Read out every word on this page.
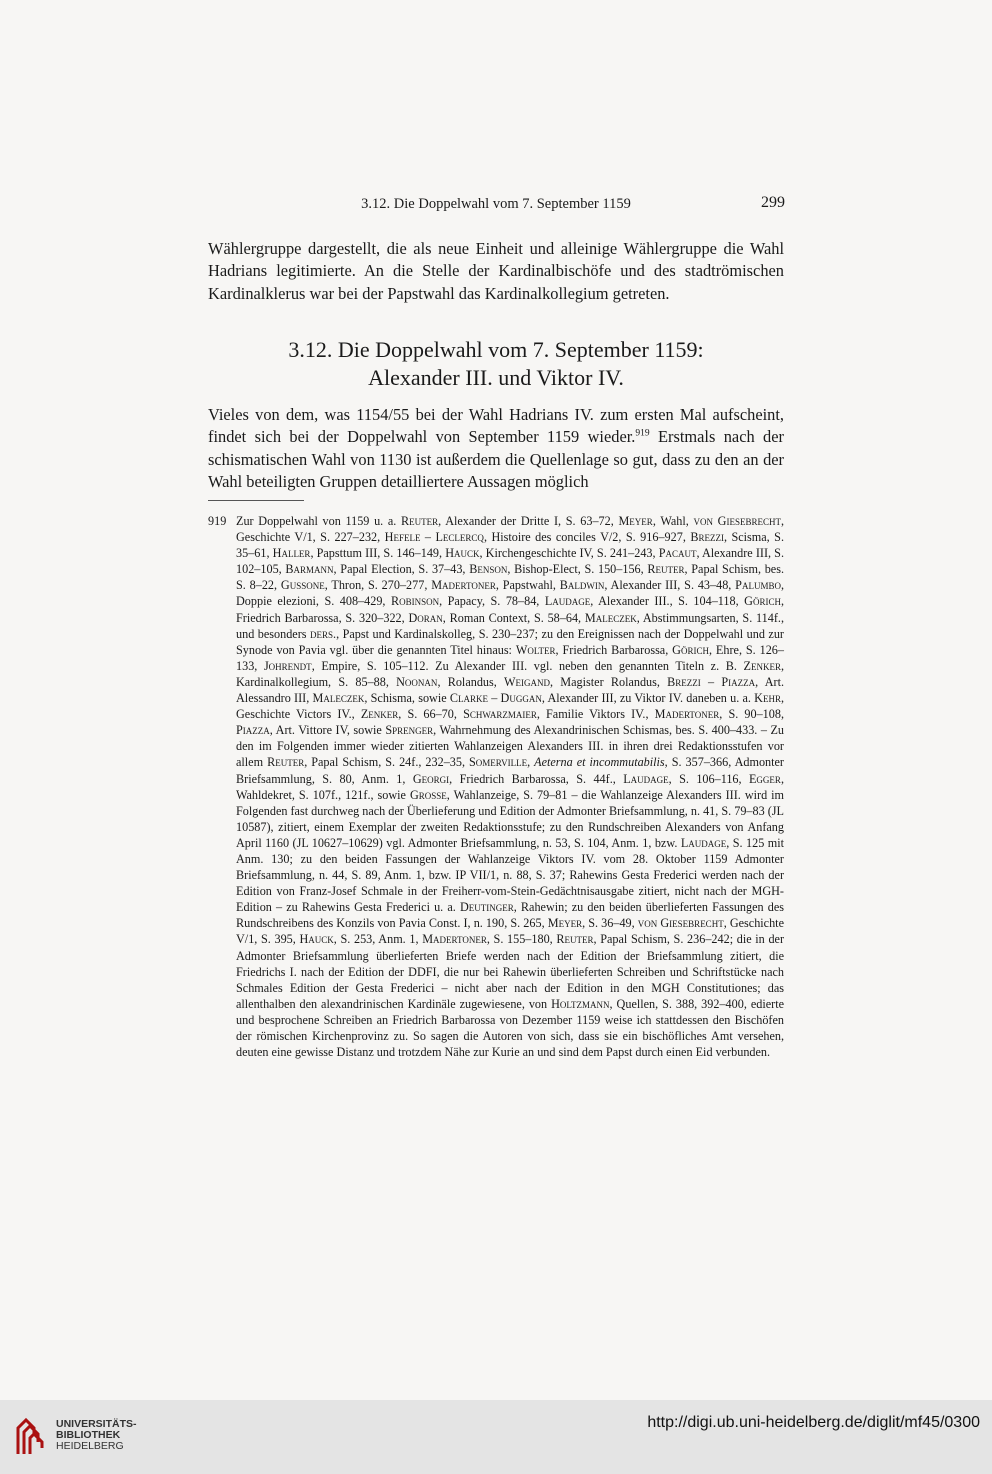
3.12. Die Doppelwahl vom 7. September 1159	299
Wählergruppe dargestellt, die als neue Einheit und alleinige Wählergruppe die Wahl Hadrians legitimierte. An die Stelle der Kardinalbischöfe und des stadtrömischen Kardinalklerus war bei der Papstwahl das Kardinalkollegium getreten.
3.12. Die Doppelwahl vom 7. September 1159:
Alexander III. und Viktor IV.
Vieles von dem, was 1154/55 bei der Wahl Hadrians IV. zum ersten Mal aufscheint, findet sich bei der Doppelwahl von September 1159 wieder.$^{919}$ Erstmals nach der schismatischen Wahl von 1130 ist außerdem die Quellenlage so gut, dass zu den an der Wahl beteiligten Gruppen detailliertere Aussagen möglich
919 Zur Doppelwahl von 1159 u. a. Reuter, Alexander der Dritte I, S. 63–72, Meyer, Wahl, von Giesebrecht, Geschichte V/1, S. 227–232, Hefele – Leclercq, Histoire des conciles V/2, S. 916–927, Brezzi, Scisma, S. 35–61, Haller, Papsttum III, S. 146–149, Hauck, Kirchengeschichte IV, S. 241–243, Pacaut, Alexandre III, S. 102–105, Barmann, Papal Election, S. 37–43, Benson, Bishop-Elect, S. 150–156, Reuter, Papal Schism, bes. S. 8–22, Gussone, Thron, S. 270–277, Madertoner, Papstwahl, Baldwin, Alexander III, S. 43–48, Palumbo, Doppie elezioni, S. 408–429, Robinson, Papacy, S. 78–84, Laudage, Alexander III., S. 104–118, Görich, Friedrich Barbarossa, S. 320–322, Doran, Roman Context, S. 58–64, Maleczek, Abstimmungsarten, S. 114f., und besonders ders., Papst und Kardinalskolleg, S. 230–237; zu den Ereignissen nach der Doppelwahl und zur Synode von Pavia vgl. über die genannten Titel hinaus: Wolter, Friedrich Barbarossa, Görich, Ehre, S. 126–133, Johrendt, Empire, S. 105–112. Zu Alexander III. vgl. neben den genannten Titeln z. B. Zenker, Kardinalkollegium, S. 85–88, Noonan, Rolandus, Weigand, Magister Rolandus, Brezzi – Piazza, Art. Alessandro III, Maleczek, Schisma, sowie Clarke – Duggan, Alexander III, zu Viktor IV. daneben u. a. Kehr, Geschichte Victors IV., Zenker, S. 66–70, Schwarzmaier, Familie Viktors IV., Madertoner, S. 90–108, Piazza, Art. Vittore IV, sowie Sprenger, Wahrnehmung des Alexandrinischen Schismas, bes. S. 400–433. – Zu den im Folgenden immer wieder zitierten Wahlanzeigen Alexanders III. in ihren drei Redaktionsstufen vor allem Reuter, Papal Schism, S. 24f., 232–35, Somerville, Aeterna et incommutabilis, S. 357–366, Admonter Briefsammlung, S. 80, Anm. 1, Georgi, Friedrich Barbarossa, S. 44f., Laudage, S. 106–116, Egger, Wahldekret, S. 107f., 121f., sowie Grosse, Wahlanzeige, S. 79–81 – die Wahlanzeige Alexanders III. wird im Folgenden fast durchweg nach der Überlieferung und Edition der Admonter Briefsammlung, n. 41, S. 79–83 (JL 10587), zitiert, einem Exemplar der zweiten Redaktionsstufe; zu den Rundschreiben Alexanders von Anfang April 1160 (JL 10627–10629) vgl. Admonter Briefsammlung, n. 53, S. 104, Anm. 1, bzw. Laudage, S. 125 mit Anm. 130; zu den beiden Fassungen der Wahlanzeige Viktors IV. vom 28. Oktober 1159 Admonter Briefsammlung, n. 44, S. 89, Anm. 1, bzw. IP VII/1, n. 88, S. 37; Rahewins Gesta Frederici werden nach der Edition von Franz-Josef Schmale in der Freiherr-vom-Stein-Gedächtnisausgabe zitiert, nicht nach der MGH-Edition – zu Rahewins Gesta Frederici u. a. Deutinger, Rahewin; zu den beiden überlieferten Fassungen des Rundschreibens des Konzils von Pavia Const. I, n. 190, S. 265, Meyer, S. 36–49, von Giesebrecht, Geschichte V/1, S. 395, Hauck, S. 253, Anm. 1, Madertoner, S. 155–180, Reuter, Papal Schism, S. 236–242; die in der Admonter Briefsammlung überlieferten Briefe werden nach der Edition der Briefsammlung zitiert, die Friedrichs I. nach der Edition der DDFI, die nur bei Rahewin überlieferten Schreiben und Schriftstücke nach Schmales Edition der Gesta Frederici – nicht aber nach der Edition in den MGH Constitutiones; das allenthalben den alexandrinischen Kardinäle zugewiesene, von Holtzmann, Quellen, S. 388, 392–400, edierte und besprochene Schreiben an Friedrich Barbarossa von Dezember 1159 weise ich stattdessen den Bischöfen der römischen Kirchenprovinz zu. So sagen die Autoren von sich, dass sie ein bischöfliches Amt versehen, deuten eine gewisse Distanz und trotzdem Nähe zur Kurie an und sind dem Papst durch einen Eid verbunden.
UNIVERSITÄTS-
BIBLIOTHEK
HEIDELBERG
http://digi.ub.uni-heidelberg.de/diglit/mf45/0300
